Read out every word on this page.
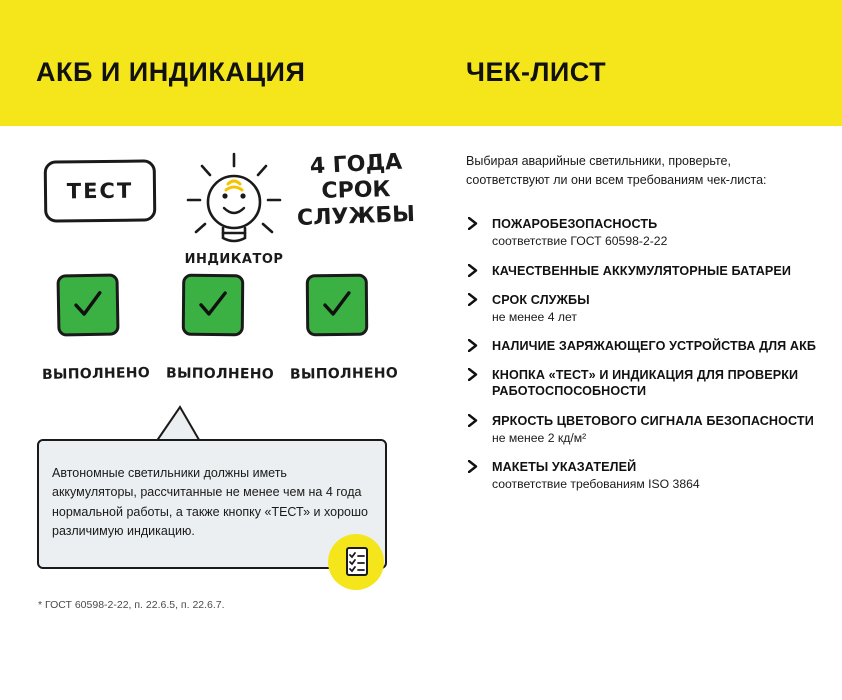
АКБ И ИНДИКАЦИЯ	ЧЕК-ЛИСТ
ТЕСТ
ИНДИКАТОР
4 ГОДА
СРОК
СЛУЖБЫ
ВЫПОЛНЕНО ВЫПОЛНЕНО ВЫПОЛНЕНО
Автономные светильники должны иметь аккумуляторы, рассчитанные не менее чем на 4 года нормальной работы, а также кнопку «ТЕСТ» и хорошо различимую индикацию.
* ГОСТ 60598-2-22, п. 22.6.5, п. 22.6.7.
Выбирая аварийные светильники, проверьте, соответствуют ли они всем требованиям чек-листа:
ПОЖАРОБЕЗОПАСНОСТЬ
соответствие ГОСТ 60598-2-22
КАЧЕСТВЕННЫЕ АККУМУЛЯТОРНЫЕ БАТАРЕИ
СРОК СЛУЖБЫ
не менее 4 лет
НАЛИЧИЕ ЗАРЯЖАЮЩЕГО УСТРОЙСТВА ДЛЯ АКБ
КНОПКА «ТЕСТ» И ИНДИКАЦИЯ ДЛЯ ПРОВЕРКИ РАБОТОСПОСОБНОСТИ
ЯРКОСТЬ ЦВЕТОВОГО СИГНАЛА БЕЗОПАСНОСТИ
не менее 2 кд/м²
МАКЕТЫ УКАЗАТЕЛЕЙ
соответствие требованиям ISO 3864
